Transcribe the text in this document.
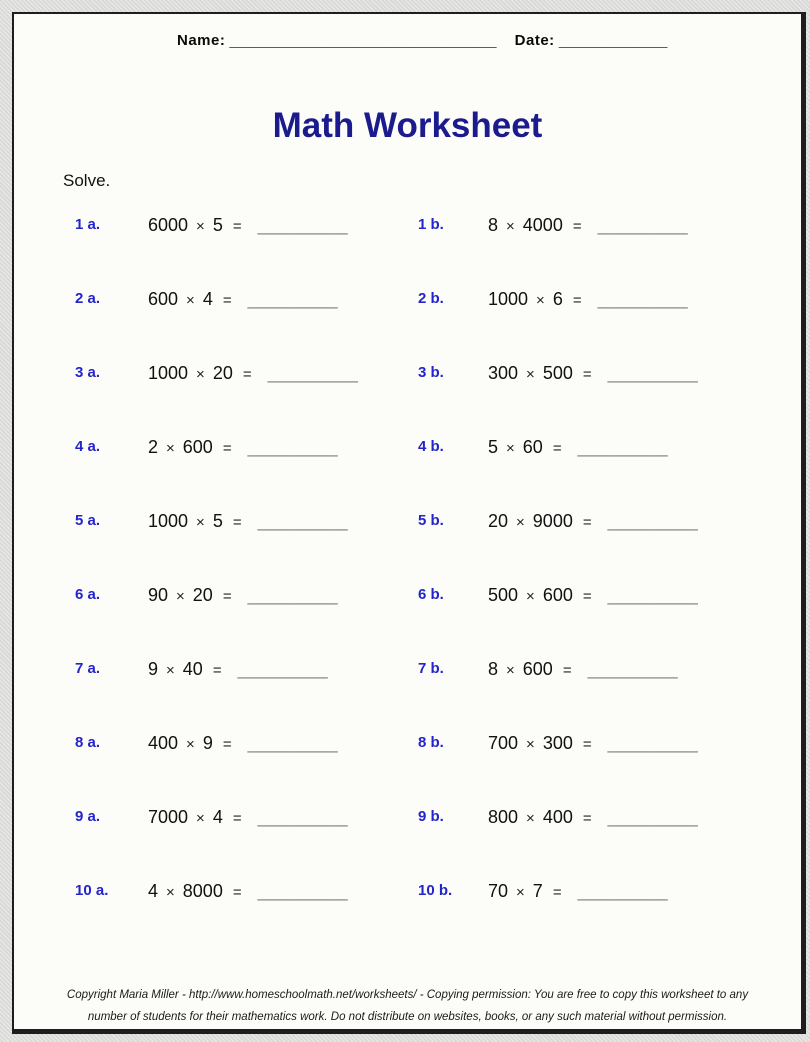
Name: ________________________________ Date: _____________
Math Worksheet
Solve.
1 a.	6000 × 5 = _________	1 b.	8 × 4000 = _________
2 a.	600 × 4 = _________	2 b.	1000 × 6 = _________
3 a.	1000 × 20 = _________	3 b.	300 × 500 = _________
4 a.	2 × 600 = _________	4 b.	5 × 60 = _________
5 a.	1000 × 5 = _________	5 b.	20 × 9000 = _________
6 a.	90 × 20 = _________	6 b.	500 × 600 = _________
7 a.	9 × 40 = _________	7 b.	8 × 600 = _________
8 a.	400 × 9 = _________	8 b.	700 × 300 = _________
9 a.	7000 × 4 = _________	9 b.	800 × 400 = _________
10 a.	4 × 8000 = _________	10 b.	70 × 7 = _________
Copyright Maria Miller - http://www.homeschoolmath.net/worksheets/ - Copying permission: You are free to copy this worksheet to any
number of students for their mathematics work. Do not distribute on websites, books, or any such material without permission.
